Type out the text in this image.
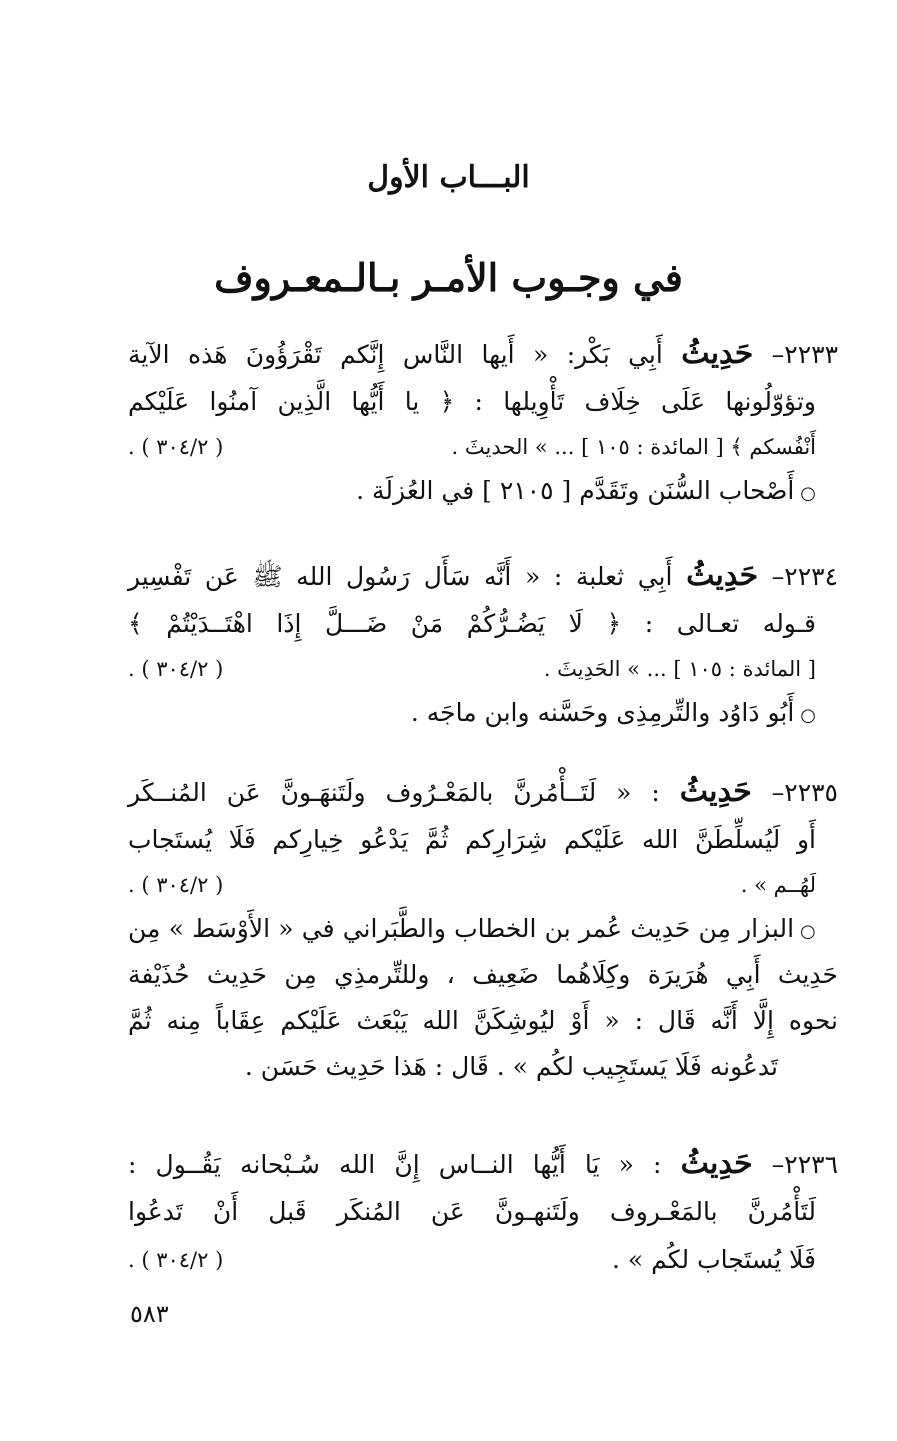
البـــاب الأول
في وجـوب الأمـر بـالـمعـروف
٢٢٣٣– حَدِيثُ أَبِي بَكْر: « أَيها النَّاس إِنَّكم تَقْرَؤُونَ هَذه الآية
وتؤوّلُونها عَلَى خِلَاف تَأْوِيلها : ﴿ يا أَيُّها الَّذِين آمنُوا عَلَيْكم
أَنْفُسكم ﴾ [ المائدة : ١٠٥ ] ... » الحديثَ .
( ٣٠٤/٢ ) .
○أَصْحاب السُّنَن وتَقَدَّم [ ٢١٠٥ ] في العُزلَة .
٢٢٣٤– حَدِيثُ أَبِي ثعلبة : « أَنَّه سَأَل رَسُول الله ﷺ عَن تَفْسِير
قـوله تعـالى : ﴿ لَا يَضُـرُّكُمْ مَنْ ضَـــلَّ إِذَا اهْتَــدَيْتُمْ ﴾
[ المائدة : ١٠٥ ] ... » الحَدِيثَ .
( ٣٠٤/٢ ) .
○أَبُو دَاوُد والتِّرمِذِى وحَسَّنه وابن ماجَه .
٢٢٣٥– حَدِيثُ : « لَتَــأْمُرنَّ بالمَعْـرُوف ولَتَنهَـونَّ عَن المُنــكَر
أَو لَيُسلِّطَنَّ الله عَلَيْكم شِرَارِكم ثُمَّ يَدْعُو خِيارِكم فَلَا يُستَجاب
لَهُــم » .
( ٣٠٤/٢ ) .
○البزار مِن حَدِيث عُمر بن الخطاب والطَّبَراني في « الأَوْسَط » مِن
حَدِيث أَبِي هُرَيرَة وكِلَاهُما ضَعِيف ، وللتِّرمذِي مِن حَدِيث حُذَيْفة
نحوه إِلَّا أَنَّه قَال : « أَوْ ليُوشِكَنَّ الله يَبْعَث عَلَيْكم عِقَاباً مِنه ثُمَّ
تَدعُونه فَلَا يَستَجِيب لكُم » . قَال : هَذا حَدِيث حَسَن .
٢٢٣٦– حَدِيثُ : « يَا أَيُّها النــاس إِنَّ الله سُـبْحانه يَقُــول :
لَتَأْمُرنَّ بالمَعْـروف ولَتَنهـونَّ عَن المُنكَر قَبل أَنْ تَدعُوا
فَلَا يُستَجاب لكُم » .
( ٣٠٤/٢ ) .
٥٨٣
